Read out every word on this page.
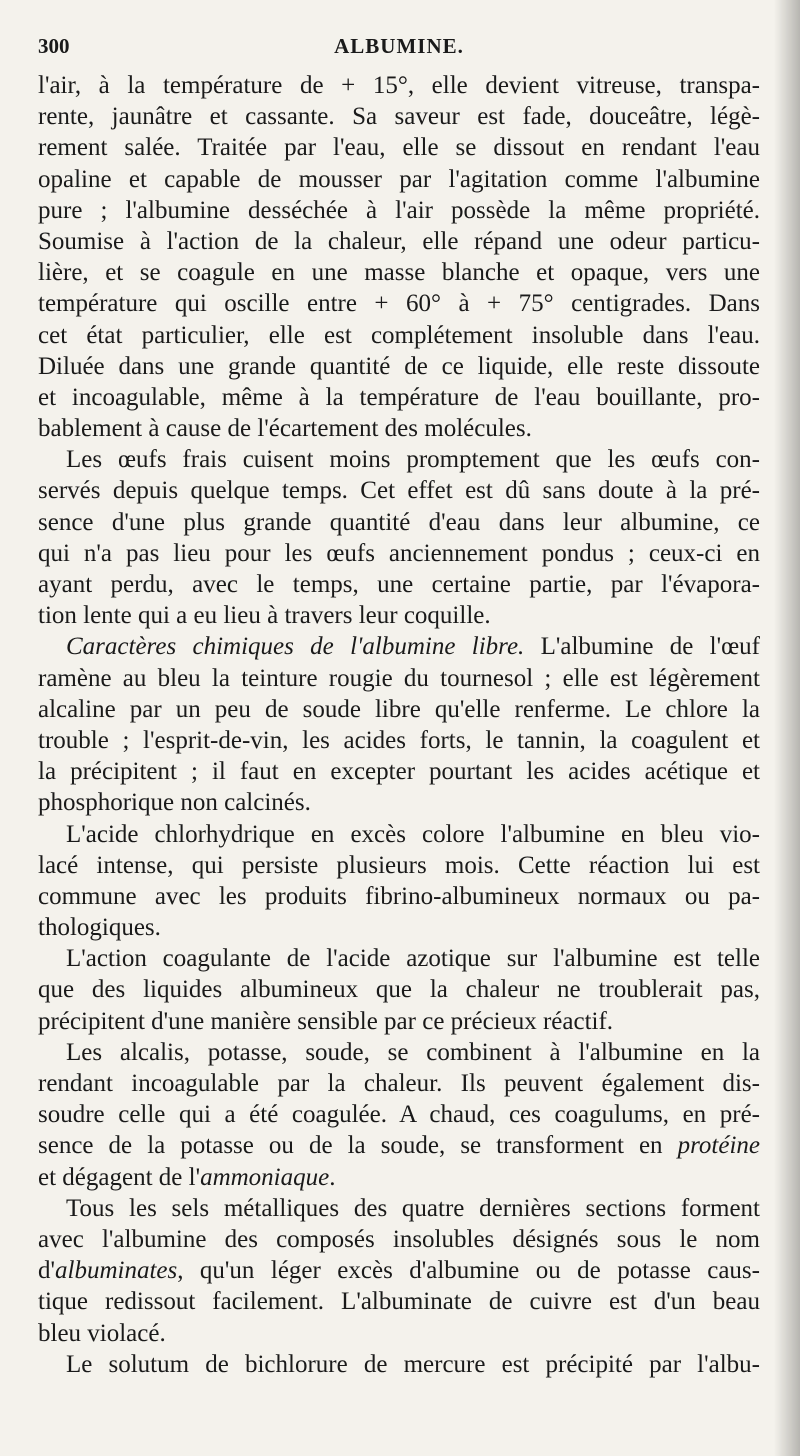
300	ALBUMINE.
l'air, à la température de + 15°, elle devient vitreuse, transpa-
rente, jaunâtre et cassante. Sa saveur est fade, douceâtre, légè-
rement salée. Traitée par l'eau, elle se dissout en rendant l'eau
opaline et capable de mousser par l'agitation comme l'albumine
pure ; l'albumine desséchée à l'air possède la même propriété.
Soumise à l'action de la chaleur, elle répand une odeur particu-
lière, et se coagule en une masse blanche et opaque, vers une
température qui oscille entre + 60° à + 75° centigrades. Dans
cet état particulier, elle est complétement insoluble dans l'eau.
Diluée dans une grande quantité de ce liquide, elle reste dissoute
et incoagulable, même à la température de l'eau bouillante, pro-
bablement à cause de l'écartement des molécules.
Les œufs frais cuisent moins promptement que les œufs con-
servés depuis quelque temps. Cet effet est dû sans doute à la pré-
sence d'une plus grande quantité d'eau dans leur albumine, ce
qui n'a pas lieu pour les œufs anciennement pondus ; ceux-ci en
ayant perdu, avec le temps, une certaine partie, par l'évapora-
tion lente qui a eu lieu à travers leur coquille.
Caractères chimiques de l'albumine libre. L'albumine de l'œuf
ramène au bleu la teinture rougie du tournesol ; elle est légèrement
alcaline par un peu de soude libre qu'elle renferme. Le chlore la
trouble ; l'esprit-de-vin, les acides forts, le tannin, la coagulent et
la précipitent ; il faut en excepter pourtant les acides acétique et
phosphorique non calcinés.
L'acide chlorhydrique en excès colore l'albumine en bleu vio-
lacé intense, qui persiste plusieurs mois. Cette réaction lui est
commune avec les produits fibrino-albumineux normaux ou pa-
thologiques.
L'action coagulante de l'acide azotique sur l'albumine est telle
que des liquides albumineux que la chaleur ne troublerait pas,
précipitent d'une manière sensible par ce précieux réactif.
Les alcalis, potasse, soude, se combinent à l'albumine en la
rendant incoagulable par la chaleur. Ils peuvent également dis-
soudre celle qui a été coagulée. A chaud, ces coagulums, en pré-
sence de la potasse ou de la soude, se transforment en protéine
et dégagent de l'ammoniaque.
Tous les sels métalliques des quatre dernières sections forment
avec l'albumine des composés insolubles désignés sous le nom
d'albuminates, qu'un léger excès d'albumine ou de potasse caus-
tique redissout facilement. L'albuminate de cuivre est d'un beau
bleu violacé.
Le solutum de bichlorure de mercure est précipité par l'albu-
